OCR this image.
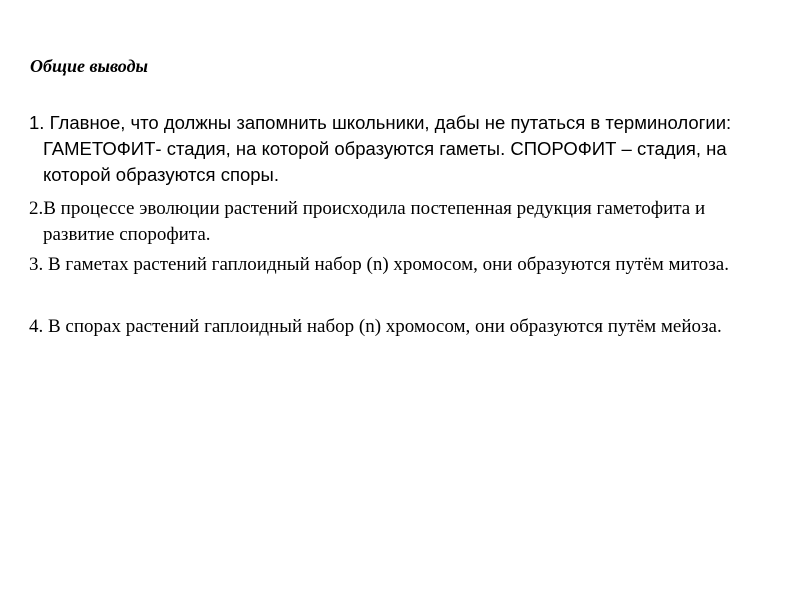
Общие выводы

1. Главное, что должны запомнить школьники, дабы не путаться в терминологии: ГАМЕТОФИТ- стадия, на которой образуются гаметы. СПОРОФИТ – стадия, на которой образуются споры.

2.В процессе эволюции растений происходила постепенная редукция гаметофита и развитие спорофита.

3. В гаметах растений гаплоидный набор (n) хромосом, они образуются путём митоза.

4. В спорах растений гаплоидный набор (n) хромосом, они образуются путём мейоза.
